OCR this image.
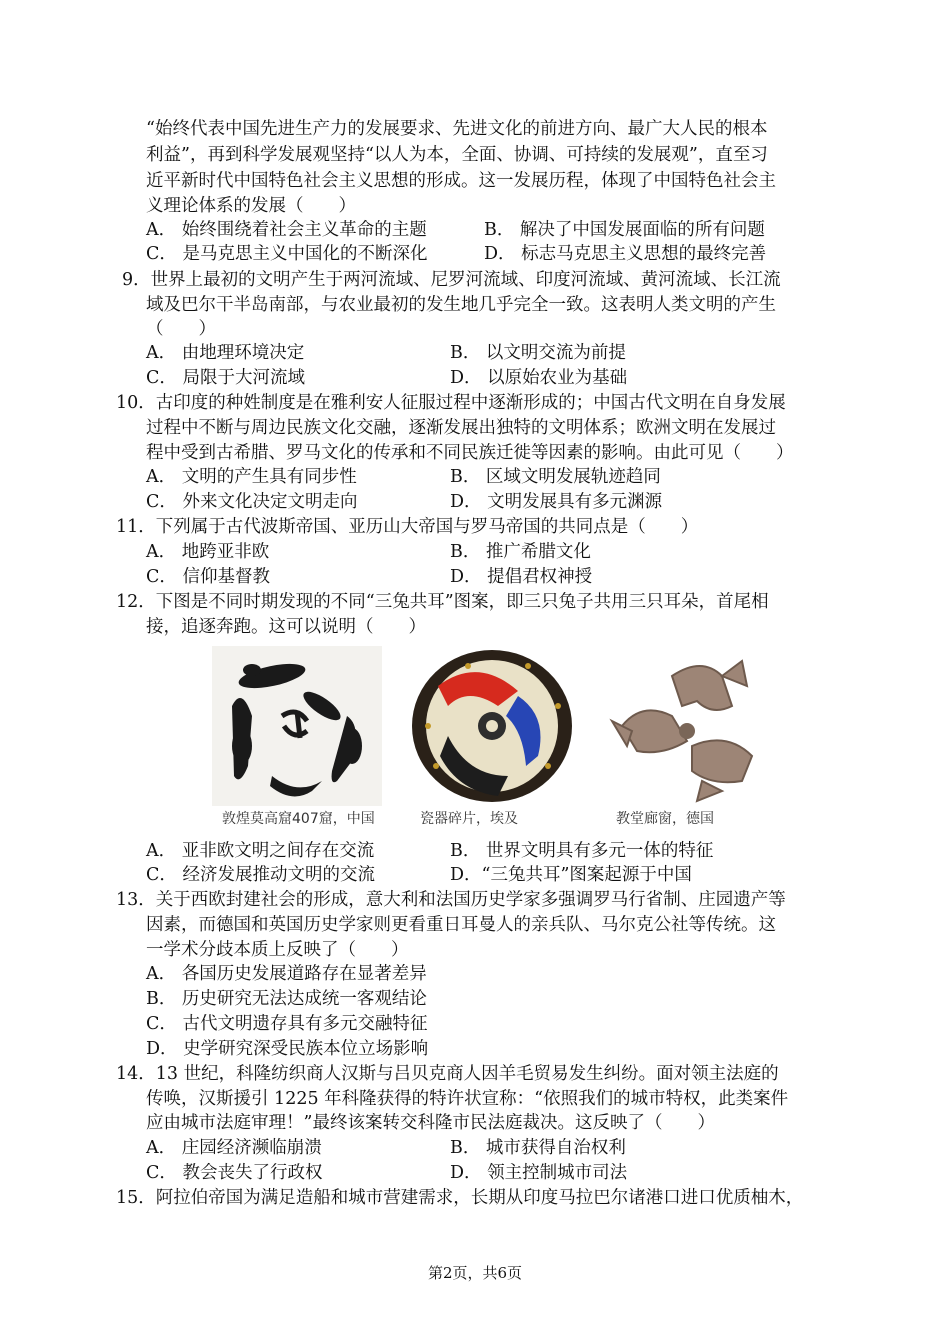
“始终代表中国先进生产力的发展要求、先进文化的前进方向、最广大人民的根本
利益”，再到科学发展观坚持“以人为本，全面、协调、可持续的发展观”，直至习
近平新时代中国特色社会主义思想的形成。这一发展历程，体现了中国特色社会主
义理论体系的发展（　　）
A． 始终围绕着社会主义革命的主题	B． 解决了中国发展面临的所有问题
C． 是马克思主义中国化的不断深化	D． 标志马克思主义思想的最终完善
9．世界上最初的文明产生于两河流域、尼罗河流域、印度河流域、黄河流域、长江流
域及巴尔干半岛南部，与农业最初的发生地几乎完全一致。这表明人类文明的产生
（　　）
A． 由地理环境决定	B． 以文明交流为前提
C． 局限于大河流域	D． 以原始农业为基础
10．古印度的种姓制度是在雅利安人征服过程中逐渐形成的；中国古代文明在自身发展
过程中不断与周边民族文化交融，逐渐发展出独特的文明体系；欧洲文明在发展过
程中受到古希腊、罗马文化的传承和不同民族迁徙等因素的影响。由此可见（　　）
A． 文明的产生具有同步性	B． 区域文明发展轨迹趋同
C． 外来文化决定文明走向	D． 文明发展具有多元渊源
11．下列属于古代波斯帝国、亚历山大帝国与罗马帝国的共同点是（　　）
A． 地跨亚非欧	B． 推广希腊文化
C． 信仰基督教	D． 提倡君权神授
12．下图是不同时期发现的不同“三兔共耳”图案，即三只兔子共用三只耳朵，首尾相
接，追逐奔跑。这可以说明（　　）
敦煌莫高窟407窟，中国	瓷器碎片，埃及	教堂廊窗，德国
A． 亚非欧文明之间存在交流	B． 世界文明具有多元一体的特征
C． 经济发展推动文明的交流	D．“三兔共耳”图案起源于中国
13．关于西欧封建社会的形成，意大利和法国历史学家多强调罗马行省制、庄园遗产等
因素，而德国和英国历史学家则更看重日耳曼人的亲兵队、马尔克公社等传统。这
一学术分歧本质上反映了（　　）
A． 各国历史发展道路存在显著差异
B． 历史研究无法达成统一客观结论
C． 古代文明遗存具有多元交融特征
D． 史学研究深受民族本位立场影响
14．13 世纪，科隆纺织商人汉斯与吕贝克商人因羊毛贸易发生纠纷。面对领主法庭的
传唤，汉斯援引 1225 年科隆获得的特许状宣称：“依照我们的城市特权，此类案件
应由城市法庭审理！”最终该案转交科隆市民法庭裁决。这反映了（　　）
A． 庄园经济濒临崩溃	B． 城市获得自治权利
C． 教会丧失了行政权	D． 领主控制城市司法
15．阿拉伯帝国为满足造船和城市营建需求，长期从印度马拉巴尔诸港口进口优质柚木，
第2页，共6页
